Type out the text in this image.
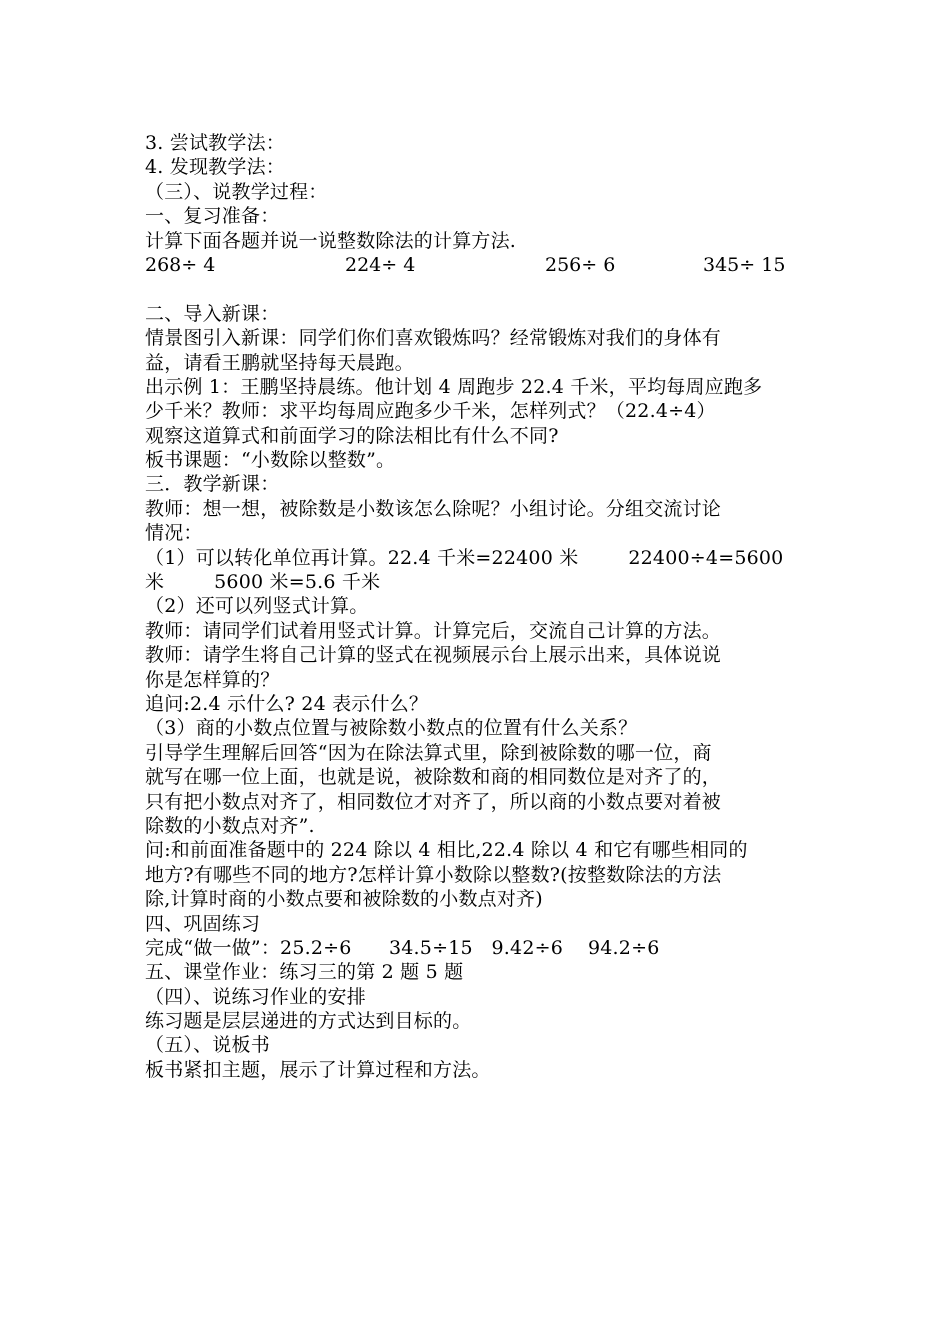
3. 尝试教学法：
4. 发现教学法：
（三）、说教学过程：
一、复习准备：
计算下面各题并说一说整数除法的计算方法.
268÷ 4	224÷ 4	256÷ 6	345÷ 15
二、导入新课：
情景图引入新课：同学们你们喜欢锻炼吗？经常锻炼对我们的身体有
益，请看王鹏就坚持每天晨跑。
出示例 1：王鹏坚持晨练。他计划 4 周跑步 22.4 千米，平均每周应跑多
少千米？教师：求平均每周应跑多少千米，怎样列式？（22.4÷4）
观察这道算式和前面学习的除法相比有什么不同?
板书课题：“小数除以整数”。
三．教学新课：
教师：想一想，被除数是小数该怎么除呢？小组讨论。分组交流讨论
情况：
（1）可以转化单位再计算。22.4 千米=22400 米        22400÷4=5600
米        5600 米=5.6 千米
（2）还可以列竖式计算。
教师：请同学们试着用竖式计算。计算完后，交流自己计算的方法。
教师：请学生将自己计算的竖式在视频展示台上展示出来，具体说说
你是怎样算的？
追问:2.4 示什么? 24 表示什么？
（3）商的小数点位置与被除数小数点的位置有什么关系？
引导学生理解后回答“因为在除法算式里，除到被除数的哪一位，商
就写在哪一位上面，也就是说，被除数和商的相同数位是对齐了的，
只有把小数点对齐了，相同数位才对齐了，所以商的小数点要对着被
除数的小数点对齐”.
问:和前面准备题中的 224 除以 4 相比,22.4 除以 4 和它有哪些相同的
地方?有哪些不同的地方?怎样计算小数除以整数?(按整数除法的方法
除,计算时商的小数点要和被除数的小数点对齐)
四、巩固练习
完成“做一做”：25.2÷6      34.5÷15   9.42÷6    94.2÷6
五、课堂作业：练习三的第 2 题 5 题
（四）、说练习作业的安排
练习题是层层递进的方式达到目标的。
（五）、说板书
板书紧扣主题，展示了计算过程和方法。
